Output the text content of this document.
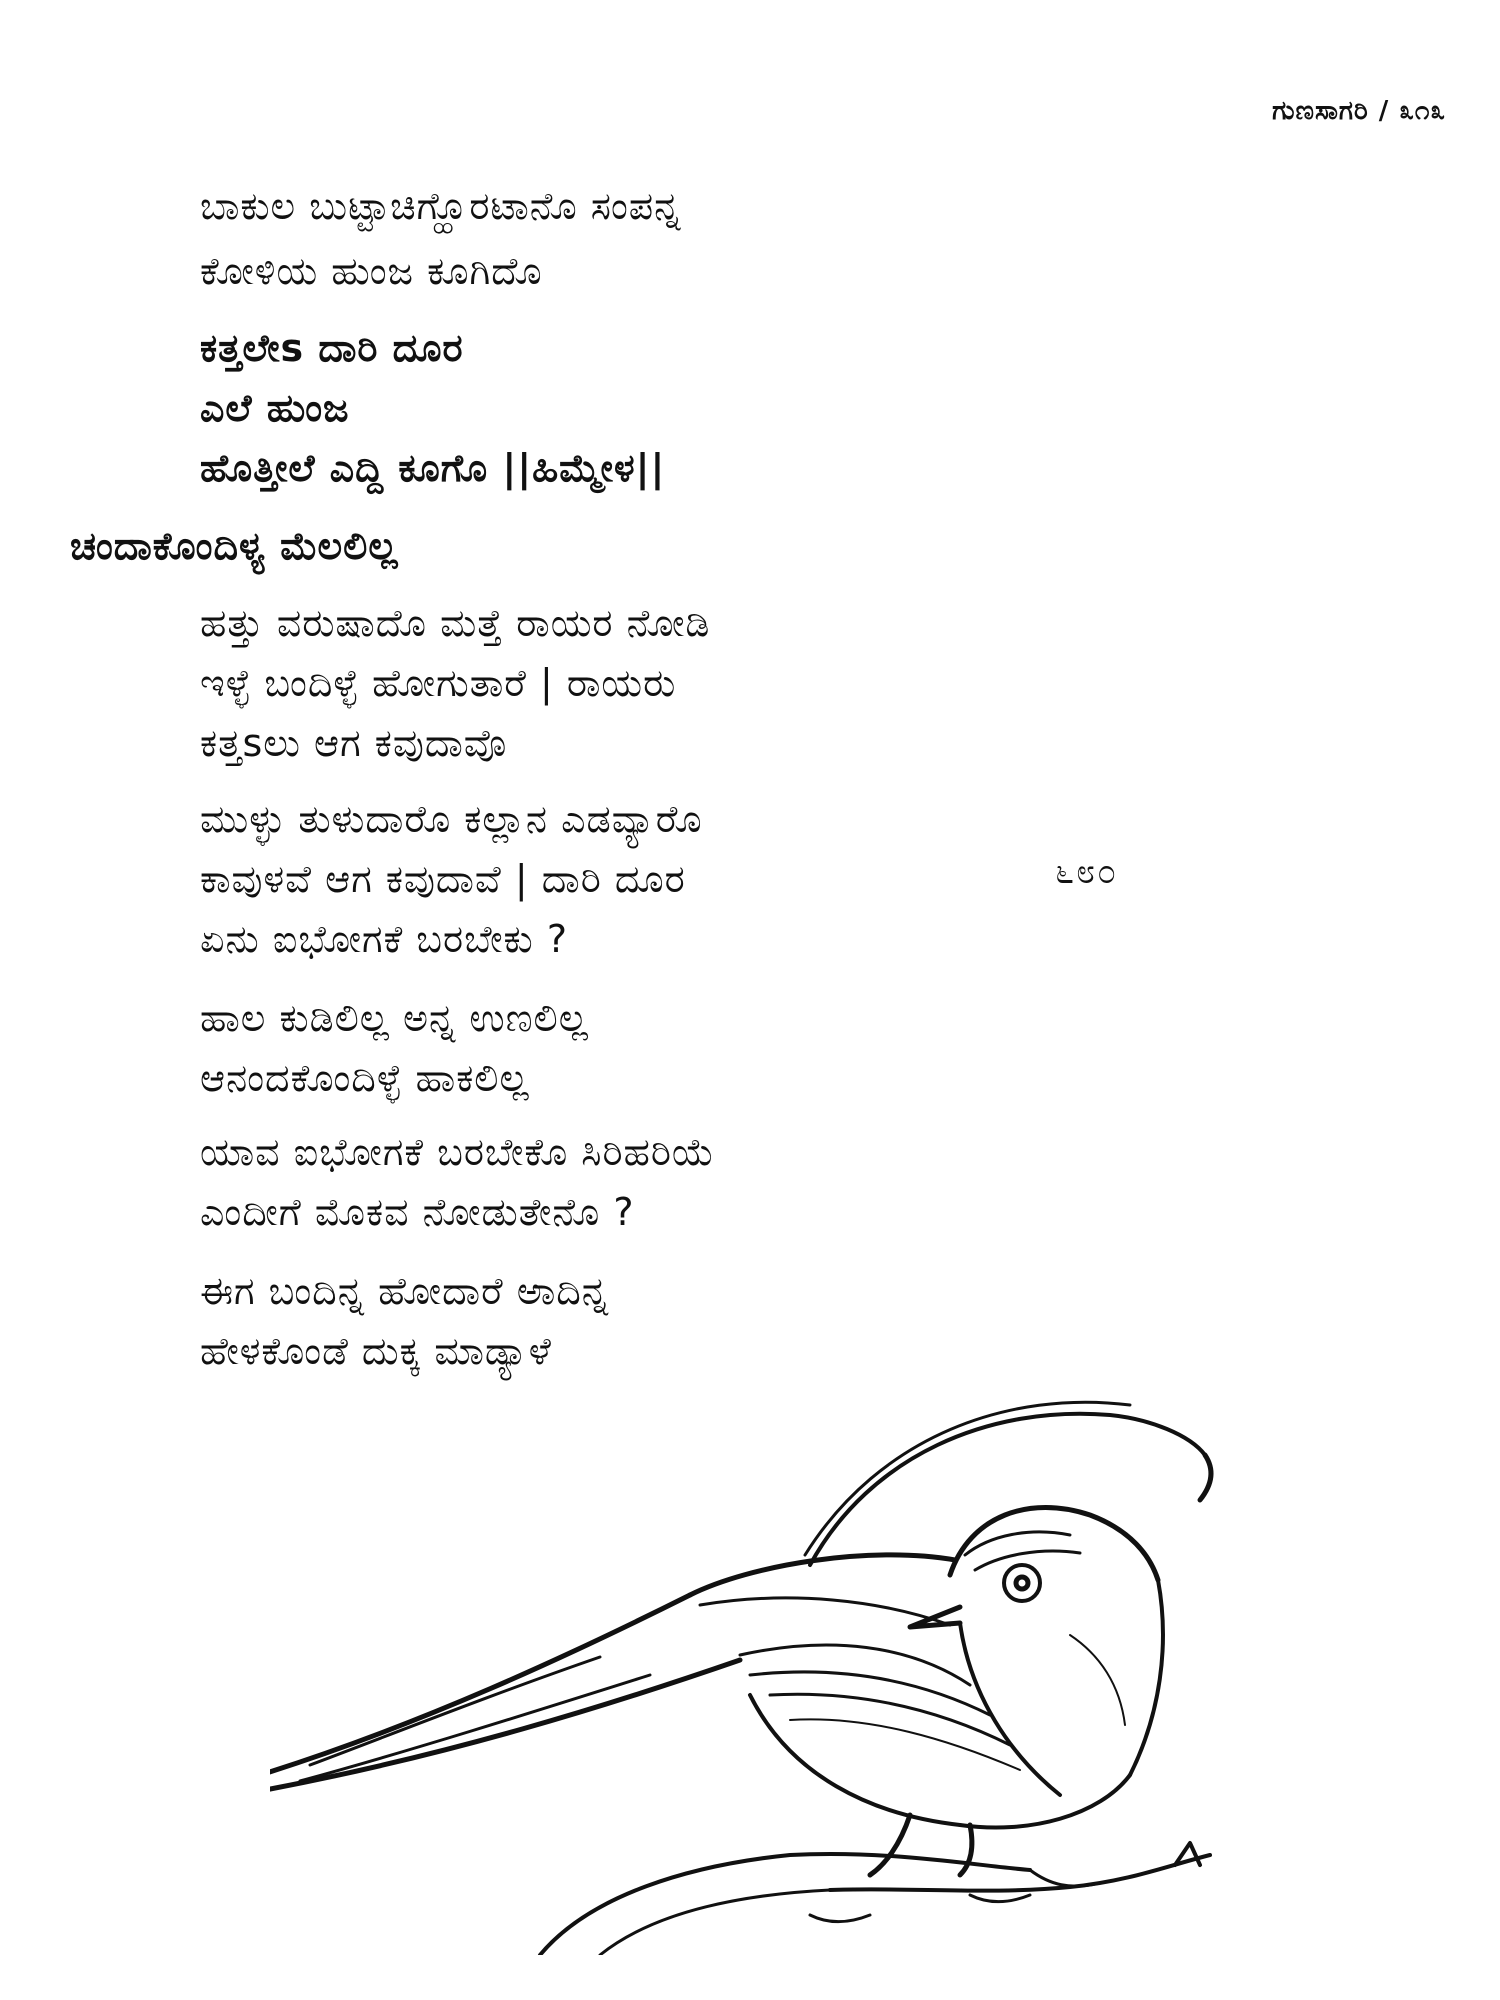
ಗುಣಸಾಗರಿ / ೩೧೩

ಬಾಕುಲ ಬುಟ್ಟಾಚಿಗ್ಹೊರಟಾನೊ ಸಂಪನ್ನ

ಕೋಳಿಯ ಹುಂಜ ಕೂಗಿದೊ

ಕತ್ತಲೇs ದಾರಿ ದೂರ

ಎಲೆ ಹುಂಜ

ಹೊತ್ತೀಲೆ ಎದ್ದಿ ಕೂಗೊ ||ಹಿಮ್ಮೇಳ||

ಚಂದಾಕೊಂದಿಳ್ಯ ಮೆಲಲಿಲ್ಲ

ಹತ್ತು ವರುಷಾದೊ ಮತ್ತೆ ರಾಯರ ನೋಡಿ

ಇಳ್ಳೆ ಬಂದಿಳ್ಳೆ ಹೋಗುತಾರೆ | ರಾಯರು

ಕತ್ತsಲು ಆಗ ಕವುದಾವೊ

ಮುಳ್ಳು ತುಳುದಾರೊ ಕಲ್ಲಾನ ಎಡವ್ಯಾರೊ

ಕಾವುಳವೆ ಆಗ ಕವುದಾವೆ | ದಾರಿ ದೂರ

ಏನು ಐಭೋಗಕೆ ಬರಬೇಕು ?

ಹಾಲ ಕುಡಿಲಿಲ್ಲ ಅನ್ನ ಉಣಲಿಲ್ಲ

ಆನಂದಕೊಂದಿಳ್ಳೆ ಹಾಕಲಿಲ್ಲ

ಯಾವ ಐಭೋಗಕೆ ಬರಬೇಕೊ ಸಿರಿಹರಿಯೆ

ಎಂದೀಗೆ ಮೊಕವ ನೋಡುತೇನೊ ?

ಈಗ ಬಂದಿನ್ನ ಹೋದಾರೆ ಅಾದಿನ್ನ

ಹೇಳಕೊಂಡೆ ದುಕ್ಕ ಮಾಡ್ಯಾಳೆ

೬೮೦
